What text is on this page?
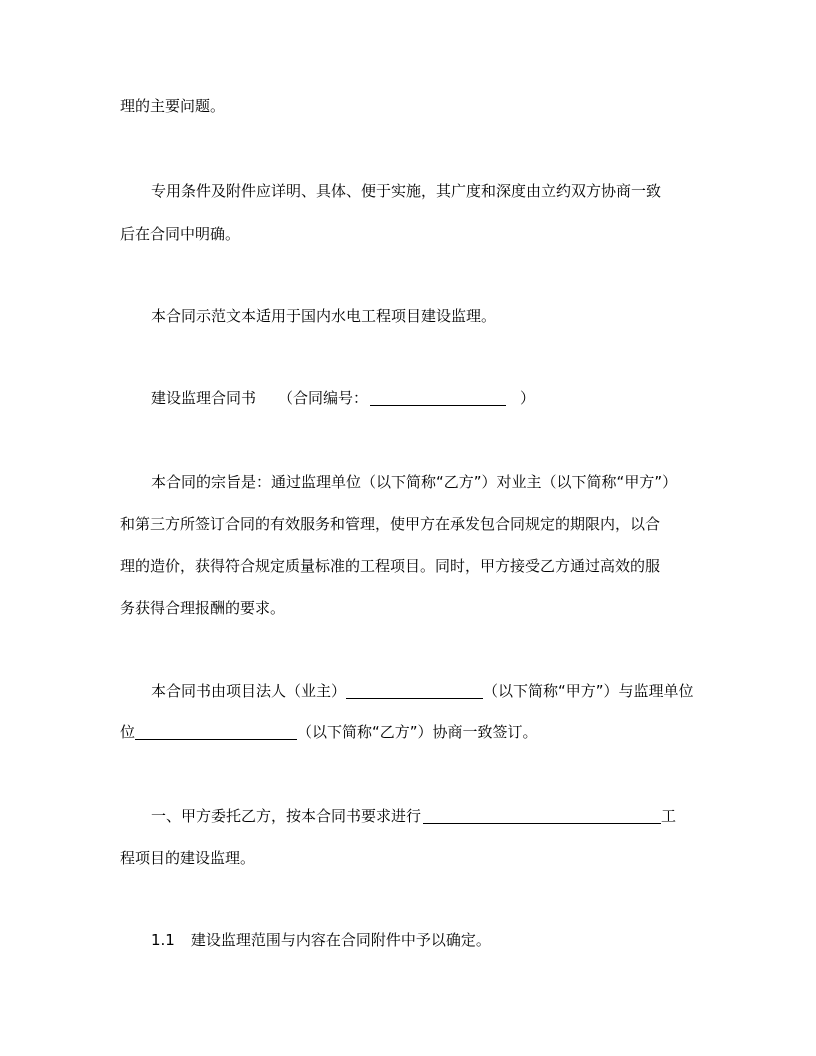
理的主要问题。
专用条件及附件应详明、具体、便于实施，其广度和深度由立约双方协商一致
后在合同中明确。
本合同示范文本适用于国内水电工程项目建设监理。
建设监理合同书 （合同编号：	）
本合同的宗旨是：通过监理单位（以下简称“乙方”）对业主（以下简称“甲方”）
和第三方所签订合同的有效服务和管理，使甲方在承发包合同规定的期限内，以合
理的造价，获得符合规定质量标准的工程项目。同时，甲方接受乙方通过高效的服
务获得合理报酬的要求。
本合同书由项目法人（业主）	（以下简称“甲方”）与监理单位
位	（以下简称“乙方”）协商一致签订。
一、甲方委托乙方，按本合同书要求进行	工
程项目的建设监理。
1.1 建设监理范围与内容在合同附件中予以确定。
